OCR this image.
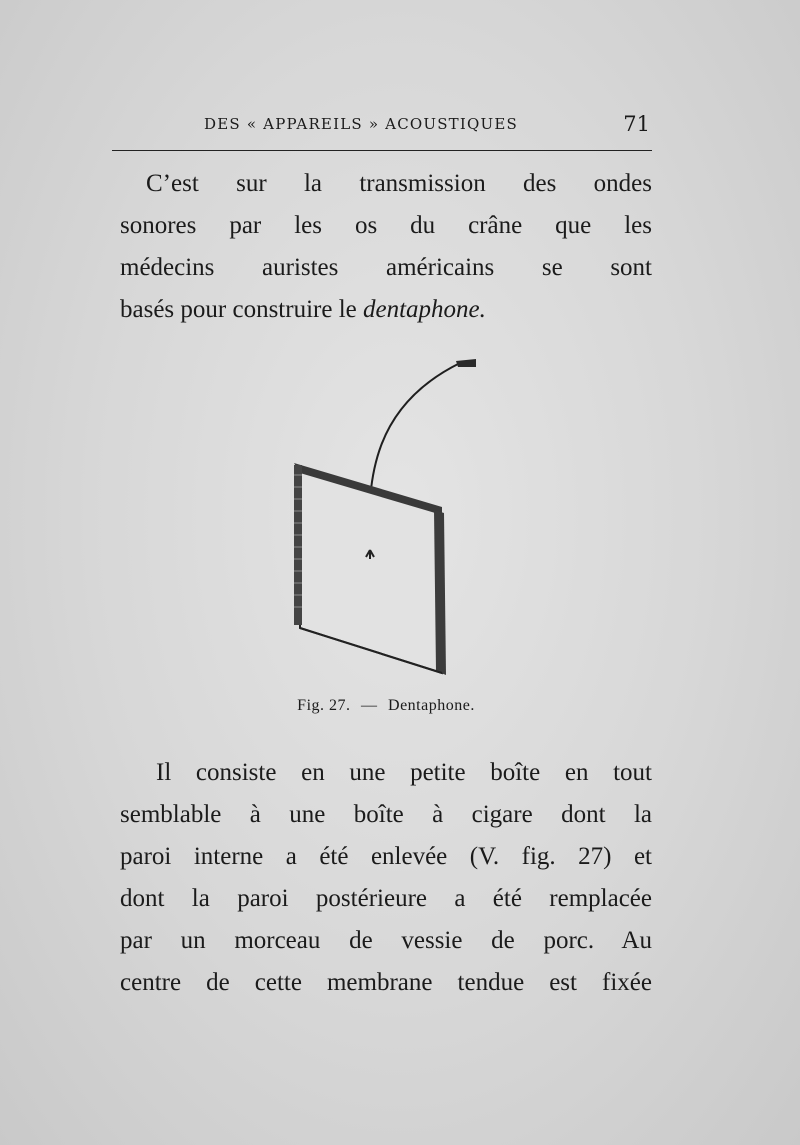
DES « APPAREILS » ACOUSTIQUES	71
C’est sur la transmission des ondes
sonores par les os du crâne que les
médecins auristes américains se sont
basés pour construire le dentaphone.
Fig. 27. — Dentaphone.
Il consiste en une petite boîte en tout
semblable à une boîte à cigare dont la
paroi interne a été enlevée (V. fig. 27) et
dont la paroi postérieure a été remplacée
par un morceau de vessie de porc. Au
centre de cette membrane tendue est fixée
